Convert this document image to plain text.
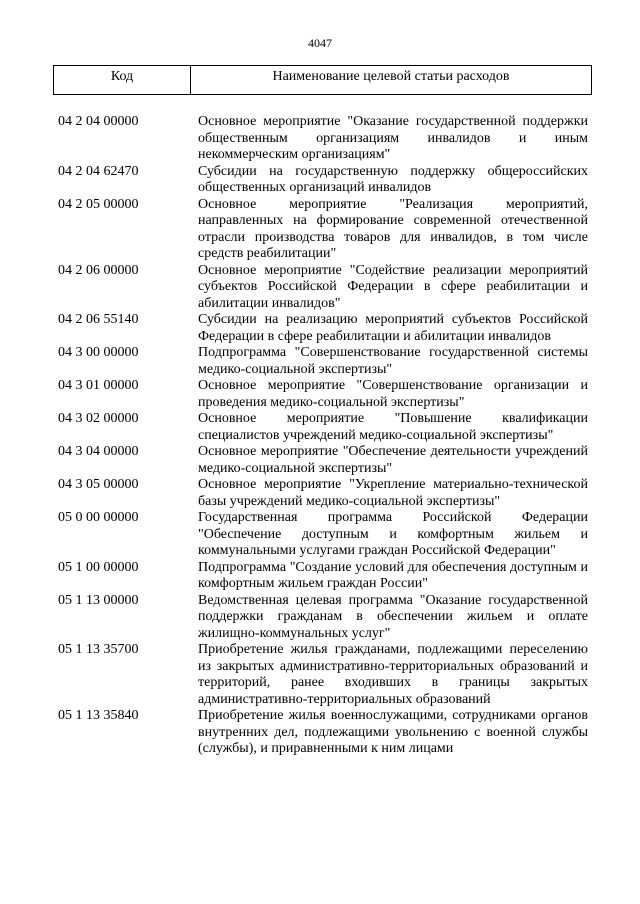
4047
Код	Наименование целевой статьи расходов
04 2 04 00000	Основное мероприятие "Оказание государственной поддержки общественным организациям инвалидов и иным некоммерческим организациям"
04 2 04 62470	Субсидии на государственную поддержку общероссийских общественных организаций инвалидов
04 2 05 00000	Основное мероприятие "Реализация мероприятий, направленных на формирование современной отечественной отрасли производства товаров для инвалидов, в том числе средств реабилитации"
04 2 06 00000	Основное мероприятие "Содействие реализации мероприятий субъектов Российской Федерации в сфере реабилитации и абилитации инвалидов"
04 2 06 55140	Субсидии на реализацию мероприятий субъектов Российской Федерации в сфере реабилитации и абилитации инвалидов
04 3 00 00000	Подпрограмма "Совершенствование государственной системы медико-социальной экспертизы"
04 3 01 00000	Основное мероприятие "Совершенствование организации и проведения медико-социальной экспертизы"
04 3 02 00000	Основное мероприятие "Повышение квалификации специалистов учреждений медико-социальной экспертизы"
04 3 04 00000	Основное мероприятие "Обеспечение деятельности учреждений медико-социальной экспертизы"
04 3 05 00000	Основное мероприятие "Укрепление материально-технической базы учреждений медико-социальной экспертизы"
05 0 00 00000	Государственная программа Российской Федерации "Обеспечение доступным и комфортным жильем и коммунальными услугами граждан Российской Федерации"
05 1 00 00000	Подпрограмма "Создание условий для обеспечения доступным и комфортным жильем граждан России"
05 1 13 00000	Ведомственная целевая программа "Оказание государственной поддержки гражданам в обеспечении жильем и оплате жилищно-коммунальных услуг"
05 1 13 35700	Приобретение жилья гражданами, подлежащими переселению из закрытых административно-территориальных образований и территорий, ранее входивших в границы закрытых административно-территориальных образований
05 1 13 35840	Приобретение жилья военнослужащими, сотрудниками органов внутренних дел, подлежащими увольнению с военной службы (службы), и приравненными к ним лицами
